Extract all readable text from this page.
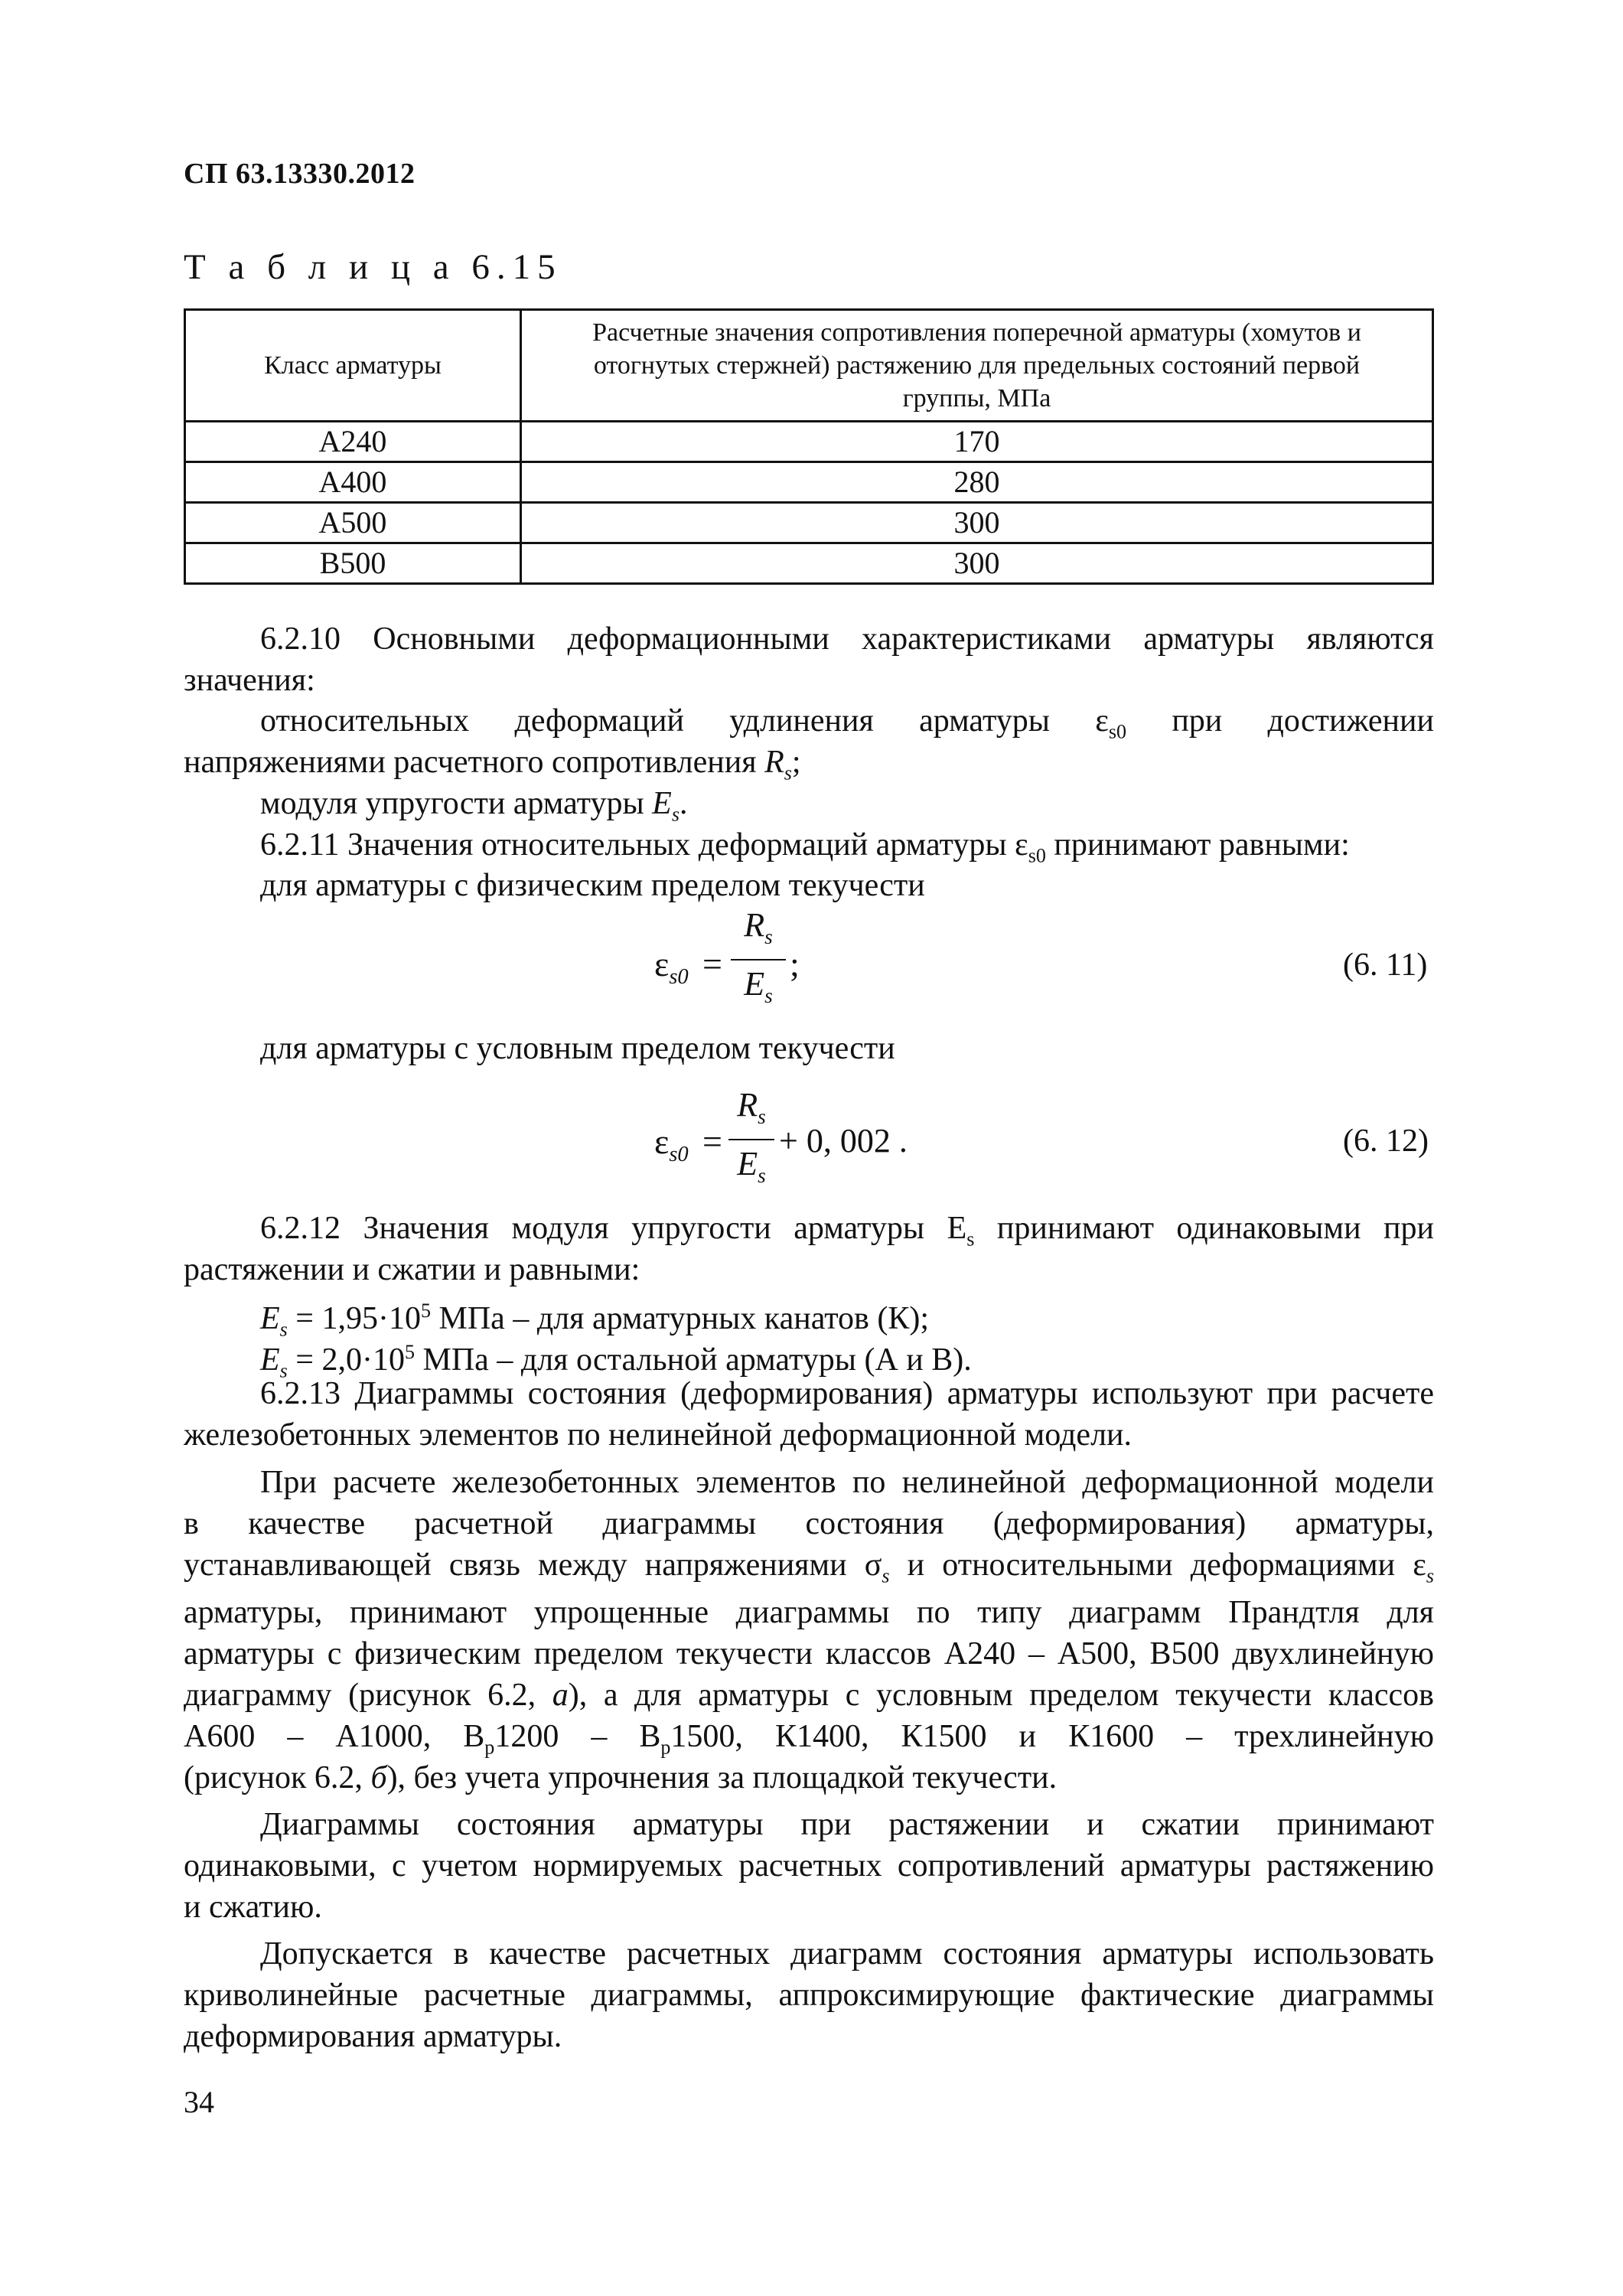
СП 63.13330.2012
Т а б л и ц а 6.15
Класс арматуры	Расчетные значения сопротивления поперечной арматуры (хомутов и отогнутых стержней) растяжению для предельных состояний первой группы, МПа
А240	170
А400	280
А500	300
В500	300
6.2.10 Основными деформационными характеристиками арматуры являются
значения:
относительных деформаций удлинения арматуры $\varepsilon_{s0}$ при достижении
напряжениями расчетного сопротивления $R_s$;
модуля упругости арматуры $E_s$.
6.2.11 Значения относительных деформаций арматуры $\varepsilon_{s0}$ принимают равными:
для арматуры с физическим пределом текучести
$\varepsilon_{s0}$ =
$R_s$
$E_s$
;	(6. 11)
для арматуры с условным пределом текучести
$\varepsilon_{s0}$ =
$R_s$
$E_s$
+ 0, 002 .	(6. 12)
6.2.12 Значения модуля упругости арматуры $E_s$ принимают одинаковыми при
растяжении и сжатии и равными:
$E_s = 1,95\cdot 10^5$ МПа – для арматурных канатов (К);
$E_s = 2,0\cdot 10^5$ МПа – для остальной арматуры (А и В).
6.2.13 Диаграммы состояния (деформирования) арматуры используют при расчете
железобетонных элементов по нелинейной деформационной модели.
При расчете железобетонных элементов по нелинейной деформационной модели
в качестве расчетной диаграммы состояния (деформирования) арматуры,
устанавливающей связь между напряжениями $\sigma_s$ и относительными деформациями $\varepsilon_s$
арматуры, принимают упрощенные диаграммы по типу диаграмм Прандтля для
арматуры с физическим пределом текучести классов А240 – А500, В500 двухлинейную
диаграмму (рисунок 6.2, а), а для арматуры с условным пределом текучести классов
А600 – А1000, $В_р1200 - В_р1500$, К1400, К1500 и К1600 – трехлинейную
(рисунок 6.2, б), без учета упрочнения за площадкой текучести.
Диаграммы состояния арматуры при растяжении и сжатии принимают
одинаковыми, с учетом нормируемых расчетных сопротивлений арматуры растяжению
и сжатию.
Допускается в качестве расчетных диаграмм состояния арматуры использовать
криволинейные расчетные диаграммы, аппроксимирующие фактические диаграммы
деформирования арматуры.
34
